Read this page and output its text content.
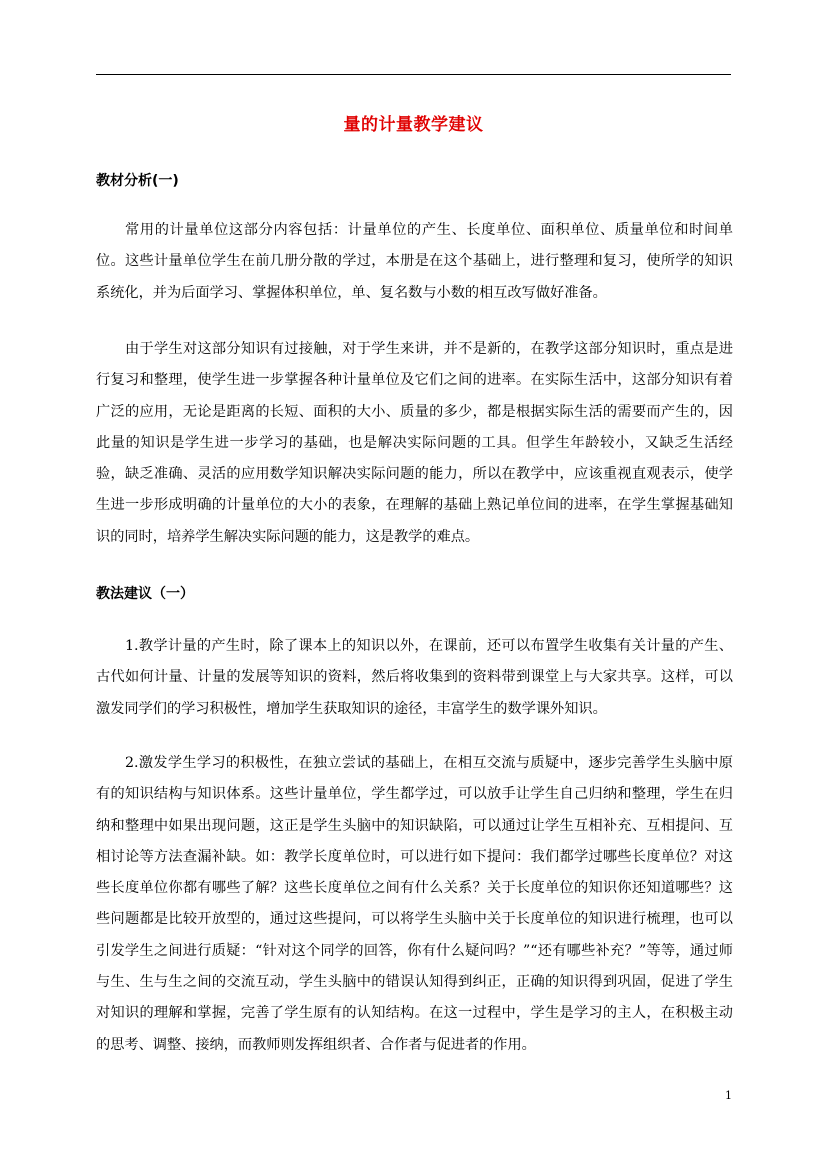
量的计量教学建议
教材分析(一)

常用的计量单位这部分内容包括：计量单位的产生、长度单位、面积单位、质量单位和时间单位。这些计量单位学生在前几册分散的学过，本册是在这个基础上，进行整理和复习，使所学的知识系统化，并为后面学习、掌握体积单位，单、复名数与小数的相互改写做好准备。

由于学生对这部分知识有过接触，对于学生来讲，并不是新的，在教学这部分知识时，重点是进行复习和整理，使学生进一步掌握各种计量单位及它们之间的进率。在实际生活中，这部分知识有着广泛的应用，无论是距离的长短、面积的大小、质量的多少，都是根据实际生活的需要而产生的，因此量的知识是学生进一步学习的基础，也是解决实际问题的工具。但学生年龄较小，又缺乏生活经验，缺乏准确、灵活的应用数学知识解决实际问题的能力，所以在教学中，应该重视直观表示，使学生进一步形成明确的计量单位的大小的表象，在理解的基础上熟记单位间的进率，在学生掌握基础知识的同时，培养学生解决实际问题的能力，这是教学的难点。

教法建议（一）

1.教学计量的产生时，除了课本上的知识以外，在课前，还可以布置学生收集有关计量的产生、古代如何计量、计量的发展等知识的资料，然后将收集到的资料带到课堂上与大家共享。这样，可以激发同学们的学习积极性，增加学生获取知识的途径，丰富学生的数学课外知识。

2.激发学生学习的积极性，在独立尝试的基础上，在相互交流与质疑中，逐步完善学生头脑中原有的知识结构与知识体系。这些计量单位，学生都学过，可以放手让学生自己归纳和整理，学生在归纳和整理中如果出现问题，这正是学生头脑中的知识缺陷，可以通过让学生互相补充、互相提问、互相讨论等方法查漏补缺。如：教学长度单位时，可以进行如下提问：我们都学过哪些长度单位？对这些长度单位你都有哪些了解？这些长度单位之间有什么关系？关于长度单位的知识你还知道哪些？这些问题都是比较开放型的，通过这些提问，可以将学生头脑中关于长度单位的知识进行梳理，也可以引发学生之间进行质疑：“针对这个同学的回答，你有什么疑问吗？”“还有哪些补充？”等等，通过师与生、生与生之间的交流互动，学生头脑中的错误认知得到纠正，正确的知识得到巩固，促进了学生对知识的理解和掌握，完善了学生原有的认知结构。在这一过程中，学生是学习的主人，在积极主动的思考、调整、接纳，而教师则发挥组织者、合作者与促进者的作用。

1
